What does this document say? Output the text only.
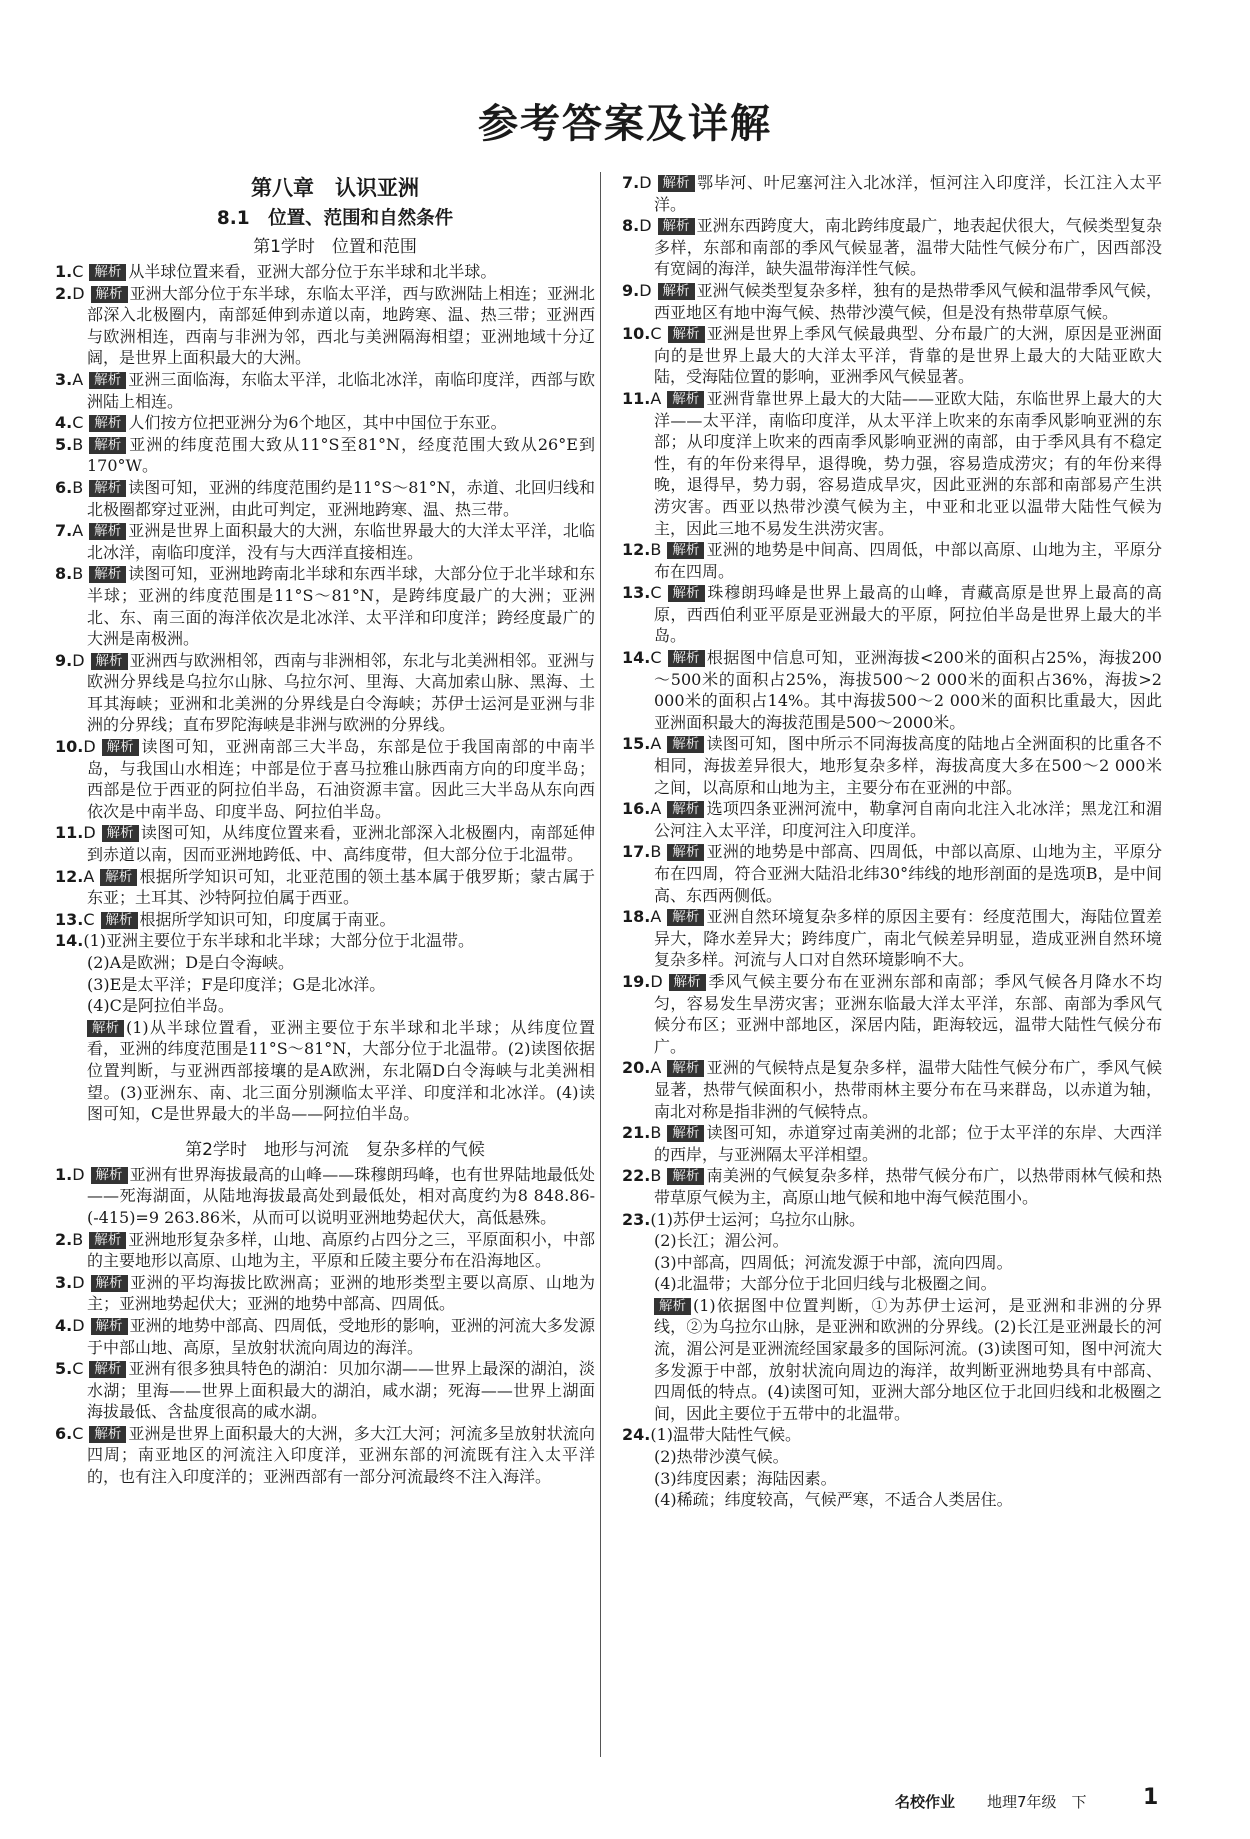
参考答案及详解
第八章　认识亚洲
8.1　位置、范围和自然条件
第1学时　位置和范围

1.C 解析 从半球位置来看，亚洲大部分位于东半球和北半球。

2.D 解析 亚洲大部分位于东半球，东临太平洋，西与欧洲陆上相连；亚洲北部深入北极圈内，南部延伸到赤道以南，地跨寒、温、热三带；亚洲西与欧洲相连，西南与非洲为邻，西北与美洲隔海相望；亚洲地域十分辽阔，是世界上面积最大的大洲。

3.A 解析 亚洲三面临海，东临太平洋，北临北冰洋，南临印度洋，西部与欧洲陆上相连。

4.C 解析 人们按方位把亚洲分为6个地区，其中中国位于东亚。

5.B 解析 亚洲的纬度范围大致从11°S至81°N，经度范围大致从26°E到170°W。

6.B 解析 读图可知，亚洲的纬度范围约是11°S～81°N，赤道、北回归线和北极圈都穿过亚洲，由此可判定，亚洲地跨寒、温、热三带。

7.A 解析 亚洲是世界上面积最大的大洲，东临世界最大的大洋太平洋，北临北冰洋，南临印度洋，没有与大西洋直接相连。

8.B 解析 读图可知，亚洲地跨南北半球和东西半球，大部分位于北半球和东半球；亚洲的纬度范围是11°S～81°N，是跨纬度最广的大洲；亚洲北、东、南三面的海洋依次是北冰洋、太平洋和印度洋；跨经度最广的大洲是南极洲。

9.D 解析 亚洲西与欧洲相邻，西南与非洲相邻，东北与北美洲相邻。亚洲与欧洲分界线是乌拉尔山脉、乌拉尔河、里海、大高加索山脉、黑海、土耳其海峡；亚洲和北美洲的分界线是白令海峡；苏伊士运河是亚洲与非洲的分界线；直布罗陀海峡是非洲与欧洲的分界线。

10.D 解析 读图可知，亚洲南部三大半岛，东部是位于我国南部的中南半岛，与我国山水相连；中部是位于喜马拉雅山脉西南方向的印度半岛；西部是位于西亚的阿拉伯半岛，石油资源丰富。因此三大半岛从东向西依次是中南半岛、印度半岛、阿拉伯半岛。

11.D 解析 读图可知，从纬度位置来看，亚洲北部深入北极圈内，南部延伸到赤道以南，因而亚洲地跨低、中、高纬度带，但大部分位于北温带。

12.A 解析 根据所学知识可知，北亚范围的领土基本属于俄罗斯；蒙古属于东亚；土耳其、沙特阿拉伯属于西亚。

13.C 解析 根据所学知识可知，印度属于南亚。

14.(1)亚洲主要位于东半球和北半球；大部分位于北温带。

(2)A是欧洲；D是白令海峡。

(3)E是太平洋；F是印度洋；G是北冰洋。

(4)C是阿拉伯半岛。

解析 (1)从半球位置看，亚洲主要位于东半球和北半球；从纬度位置看，亚洲的纬度范围是11°S～81°N，大部分位于北温带。(2)读图依据位置判断，与亚洲西部接壤的是A欧洲，东北隔D白令海峡与北美洲相望。(3)亚洲东、南、北三面分别濒临太平洋、印度洋和北冰洋。(4)读图可知，C是世界最大的半岛——阿拉伯半岛。

第2学时　地形与河流　复杂多样的气候

1.D 解析 亚洲有世界海拔最高的山峰——珠穆朗玛峰，也有世界陆地最低处——死海湖面，从陆地海拔最高处到最低处，相对高度约为8 848.86-(-415)=9 263.86米，从而可以说明亚洲地势起伏大，高低悬殊。

2.B 解析 亚洲地形复杂多样，山地、高原约占四分之三，平原面积小，中部的主要地形以高原、山地为主，平原和丘陵主要分布在沿海地区。

3.D 解析 亚洲的平均海拔比欧洲高；亚洲的地形类型主要以高原、山地为主；亚洲地势起伏大；亚洲的地势中部高、四周低。

4.D 解析 亚洲的地势中部高、四周低，受地形的影响，亚洲的河流大多发源于中部山地、高原，呈放射状流向周边的海洋。

5.C 解析 亚洲有很多独具特色的湖泊：贝加尔湖——世界上最深的湖泊，淡水湖；里海——世界上面积最大的湖泊，咸水湖；死海——世界上湖面海拔最低、含盐度很高的咸水湖。

6.C 解析 亚洲是世界上面积最大的大洲，多大江大河；河流多呈放射状流向四周；南亚地区的河流注入印度洋，亚洲东部的河流既有注入太平洋的，也有注入印度洋的；亚洲西部有一部分河流最终不注入海洋。

7.D 解析 鄂毕河、叶尼塞河注入北冰洋，恒河注入印度洋，长江注入太平洋。

8.D 解析 亚洲东西跨度大，南北跨纬度最广，地表起伏很大，气候类型复杂多样，东部和南部的季风气候显著，温带大陆性气候分布广，因西部没有宽阔的海洋，缺失温带海洋性气候。

9.D 解析 亚洲气候类型复杂多样，独有的是热带季风气候和温带季风气候，西亚地区有地中海气候、热带沙漠气候，但是没有热带草原气候。

10.C 解析 亚洲是世界上季风气候最典型、分布最广的大洲，原因是亚洲面向的是世界上最大的大洋太平洋，背靠的是世界上最大的大陆亚欧大陆，受海陆位置的影响，亚洲季风气候显著。

11.A 解析 亚洲背靠世界上最大的大陆——亚欧大陆，东临世界上最大的大洋——太平洋，南临印度洋，从太平洋上吹来的东南季风影响亚洲的东部；从印度洋上吹来的西南季风影响亚洲的南部，由于季风具有不稳定性，有的年份来得早，退得晚，势力强，容易造成涝灾；有的年份来得晚，退得早，势力弱，容易造成旱灾，因此亚洲的东部和南部易产生洪涝灾害。西亚以热带沙漠气候为主，中亚和北亚以温带大陆性气候为主，因此三地不易发生洪涝灾害。

12.B 解析 亚洲的地势是中间高、四周低，中部以高原、山地为主，平原分布在四周。

13.C 解析 珠穆朗玛峰是世界上最高的山峰，青藏高原是世界上最高的高原，西西伯利亚平原是亚洲最大的平原，阿拉伯半岛是世界上最大的半岛。

14.C 解析 根据图中信息可知，亚洲海拔<200米的面积占25%，海拔200～500米的面积占25%，海拔500～2 000米的面积占36%，海拔>2 000米的面积占14%。其中海拔500～2 000米的面积比重最大，因此亚洲面积最大的海拔范围是500～2000米。

15.A 解析 读图可知，图中所示不同海拔高度的陆地占全洲面积的比重各不相同，海拔差异很大，地形复杂多样，海拔高度大多在500～2 000米之间，以高原和山地为主，主要分布在亚洲的中部。

16.A 解析 选项四条亚洲河流中，勒拿河自南向北注入北冰洋；黑龙江和湄公河注入太平洋，印度河注入印度洋。

17.B 解析 亚洲的地势是中部高、四周低，中部以高原、山地为主，平原分布在四周，符合亚洲大陆沿北纬30°纬线的地形剖面的是选项B，是中间高、东西两侧低。

18.A 解析 亚洲自然环境复杂多样的原因主要有：经度范围大，海陆位置差异大，降水差异大；跨纬度广，南北气候差异明显，造成亚洲自然环境复杂多样。河流与人口对自然环境影响不大。

19.D 解析 季风气候主要分布在亚洲东部和南部；季风气候各月降水不均匀，容易发生旱涝灾害；亚洲东临最大洋太平洋，东部、南部为季风气候分布区；亚洲中部地区，深居内陆，距海较远，温带大陆性气候分布广。

20.A 解析 亚洲的气候特点是复杂多样，温带大陆性气候分布广，季风气候显著，热带气候面积小，热带雨林主要分布在马来群岛，以赤道为轴，南北对称是指非洲的气候特点。

21.B 解析 读图可知，赤道穿过南美洲的北部；位于太平洋的东岸、大西洋的西岸，与亚洲隔太平洋相望。

22.B 解析 南美洲的气候复杂多样，热带气候分布广，以热带雨林气候和热带草原气候为主，高原山地气候和地中海气候范围小。

23.(1)苏伊士运河；乌拉尔山脉。

(2)长江；湄公河。

(3)中部高，四周低；河流发源于中部，流向四周。

(4)北温带；大部分位于北回归线与北极圈之间。

解析 (1)依据图中位置判断，①为苏伊士运河，是亚洲和非洲的分界线，②为乌拉尔山脉，是亚洲和欧洲的分界线。(2)长江是亚洲最长的河流，湄公河是亚洲流经国家最多的国际河流。(3)读图可知，图中河流大多发源于中部，放射状流向周边的海洋，故判断亚洲地势具有中部高、四周低的特点。(4)读图可知，亚洲大部分地区位于北回归线和北极圈之间，因此主要位于五带中的北温带。

24.(1)温带大陆性气候。

(2)热带沙漠气候。

(3)纬度因素；海陆因素。

(4)稀疏；纬度较高，气候严寒，不适合人类居住。

名校作业 地理7年级　下	1
